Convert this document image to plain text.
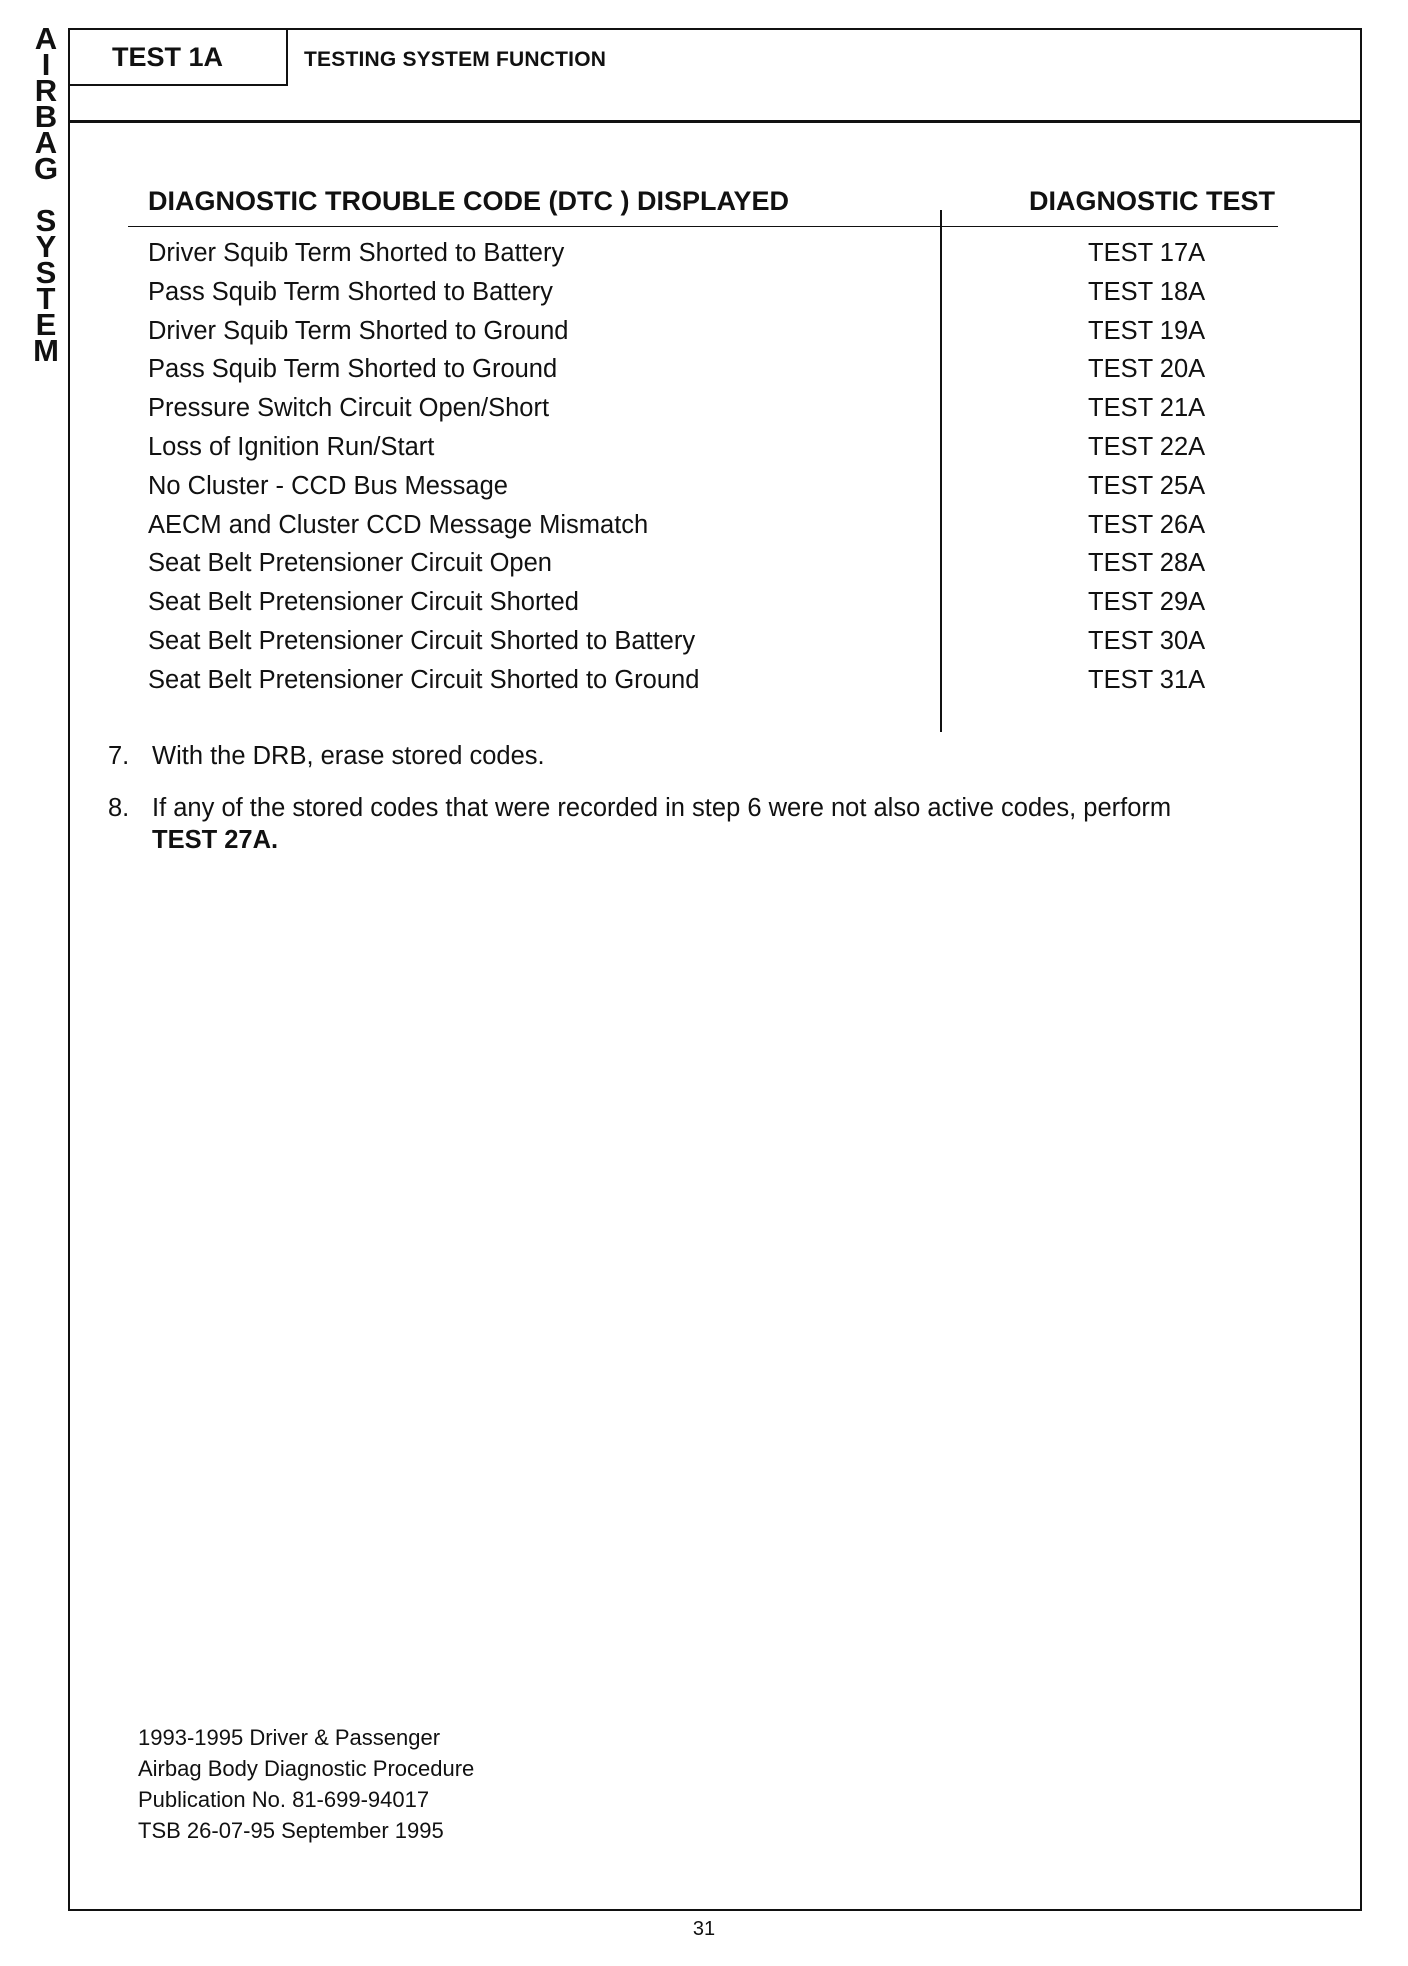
A
I
R
B
A
G
S
Y
S
T
E
M
TEST 1A	TESTING SYSTEM FUNCTION
DIAGNOSTIC TROUBLE CODE (DTC ) DISPLAYED	DIAGNOSTIC TEST
Driver Squib Term Shorted to Battery	TEST 17A
Pass Squib Term Shorted to Battery	TEST 18A
Driver Squib Term Shorted to Ground	TEST 19A
Pass Squib Term Shorted to Ground	TEST 20A
Pressure Switch Circuit Open/Short	TEST 21A
Loss of Ignition Run/Start	TEST 22A
No Cluster - CCD Bus Message	TEST 25A
AECM and Cluster CCD Message Mismatch	TEST 26A
Seat Belt Pretensioner Circuit Open	TEST 28A
Seat Belt Pretensioner Circuit Shorted	TEST 29A
Seat Belt Pretensioner Circuit Shorted to Battery	TEST 30A
Seat Belt Pretensioner Circuit Shorted to Ground	TEST 31A
7. With the DRB, erase stored codes.
8. If any of the stored codes that were recorded in step 6 were not also active codes, perform
TEST 27A.
1993-1995 Driver & Passenger
Airbag Body Diagnostic Procedure
Publication No. 81-699-94017
TSB 26-07-95 September 1995
31
